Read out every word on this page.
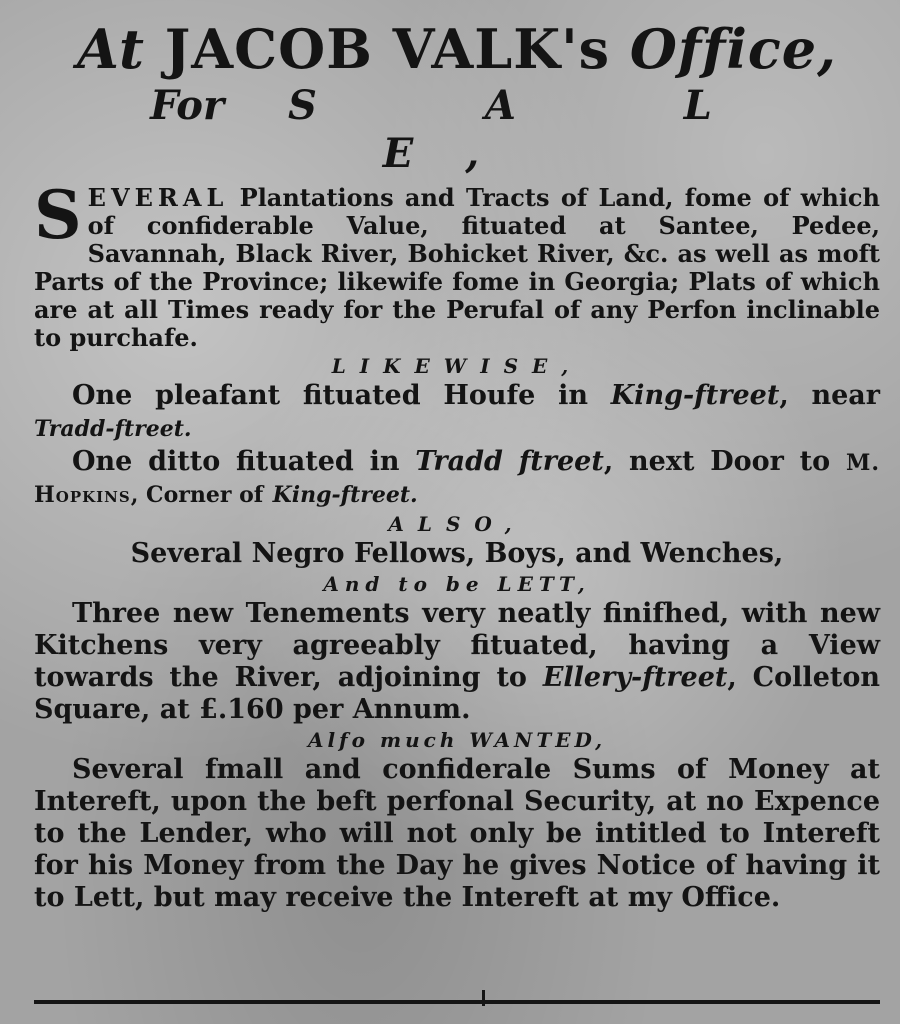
At JACOB VALK's Office,
For S A L E,
S EVERAL Plantations and Tracts of Land, fome of which of confiderable Value, fituated at Santee, Pedee, Savannah, Black River, Bohicket River, &c. as well as moft Parts of the Province; likewife fome in Georgia; Plats of which are at all Times ready for the Perufal of any Perfon inclinable to purchafe.
LIKEWISE,
One pleafant fituated Houfe in King-ftreet, near Tradd-ftreet.
One ditto fituated in Tradd ftreet, next Door to M. Hopkins, Corner of King-ftreet.
ALSO,
Several Negro Fellows, Boys, and Wenches,
And to be LETT,
Three new Tenements very neatly finifhed, with new Kitchens very agreeably fituated, having a View towards the River, adjoining to Ellery-ftreet, Colleton Square, at £.160 per Annum.
Alfo much WANTED,
Several fmall and confiderale Sums of Money at Intereft, upon the beft perfonal Security, at no Expence to the Lender, who will not only be intitled to Intereft for his Money from the Day he gives Notice of having it to Lett, but may receive the Intereft at my Office.
